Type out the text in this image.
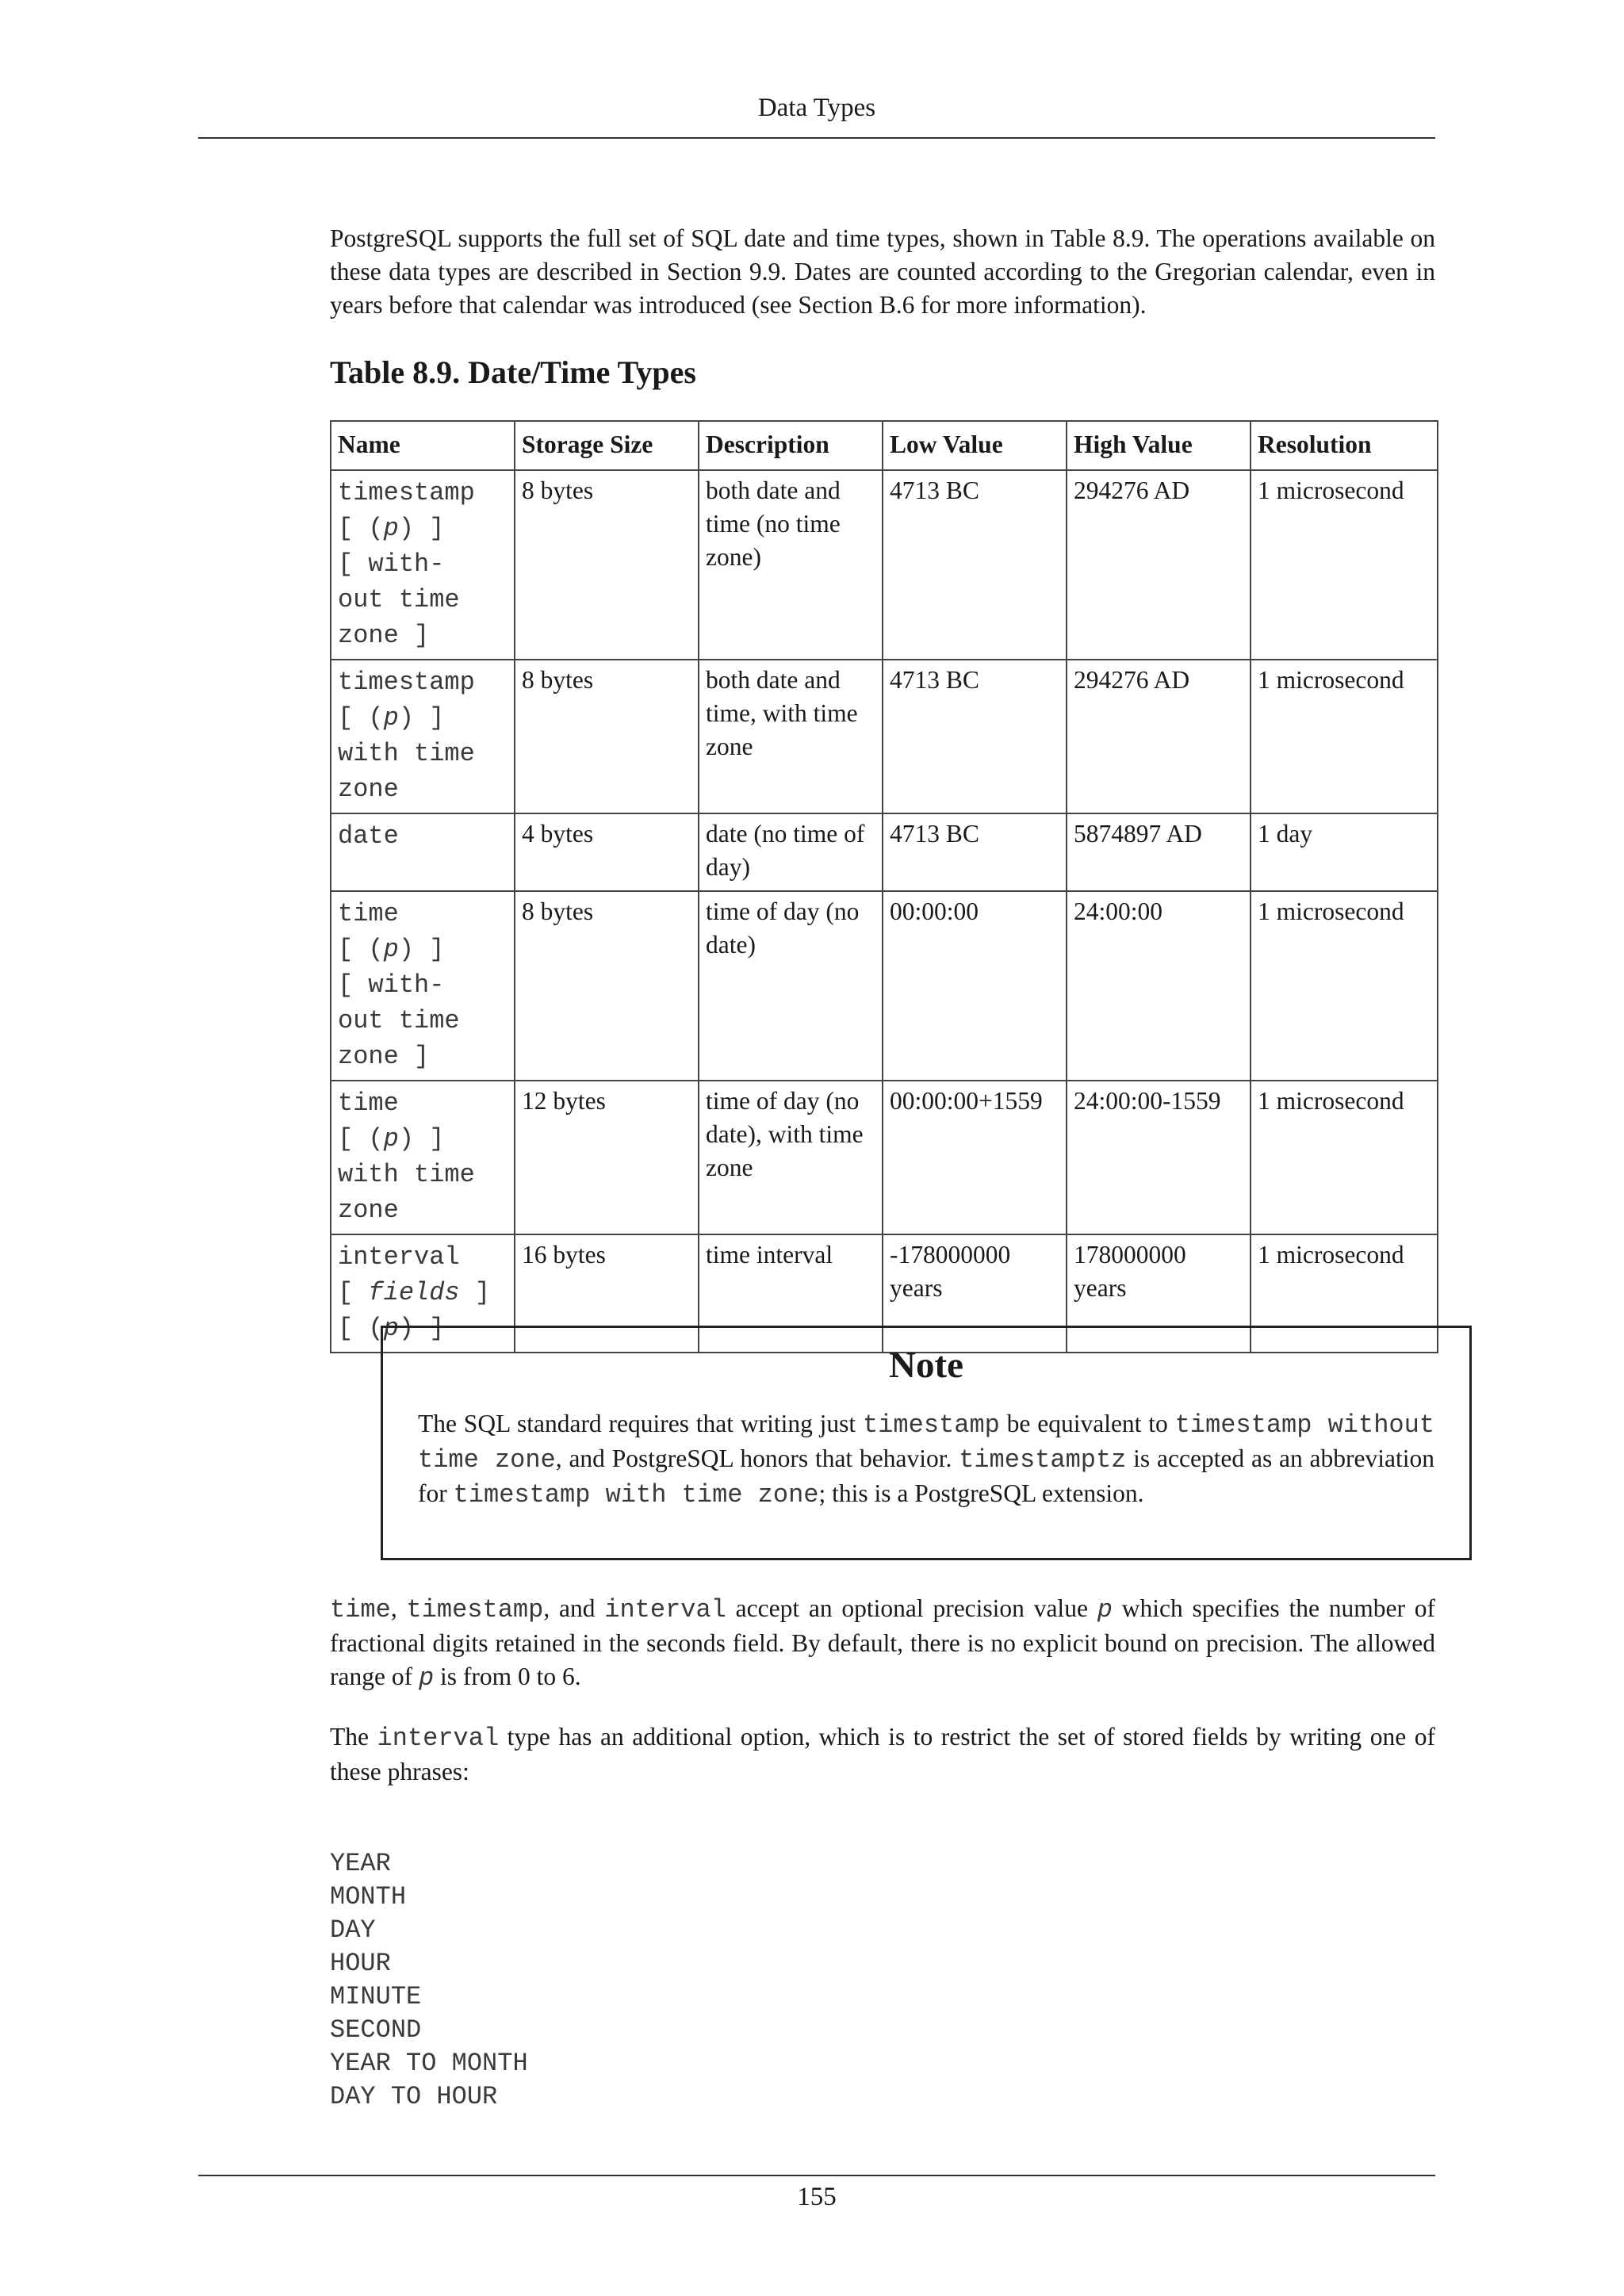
Data Types
PostgreSQL supports the full set of SQL date and time types, shown in Table 8.9. The operations available on these data types are described in Section 9.9. Dates are counted according to the Gregorian calendar, even in years before that calendar was introduced (see Section B.6 for more information).
Table 8.9. Date/Time Types
Name	Storage Size	Description	Low Value	High Value	Resolution
timestamp
[ (p) ]
[ with-
out time
zone ]	8 bytes	both date and time (no time zone)	4713 BC	294276 AD	1 microsecond
timestamp
[ (p) ]
with time
zone	8 bytes	both date and time, with time zone	4713 BC	294276 AD	1 microsecond
date	4 bytes	date (no time of day)	4713 BC	5874897 AD	1 day
time
[ (p) ]
[ with-
out time
zone ]	8 bytes	time of day (no date)	00:00:00	24:00:00	1 microsecond
time
[ (p) ]
with time
zone	12 bytes	time of day (no date), with time zone	00:00:00+1559	24:00:00-1559	1 microsecond
interval
[ fields ]
[ (p) ]	16 bytes	time interval	-178000000 years	178000000 years	1 microsecond
Note
The SQL standard requires that writing just timestamp be equivalent to timestamp without time zone, and PostgreSQL honors that behavior. timestamptz is accepted as an abbreviation for timestamp with time zone; this is a PostgreSQL extension.
time, timestamp, and interval accept an optional precision value p which specifies the number of fractional digits retained in the seconds field. By default, there is no explicit bound on precision. The allowed range of p is from 0 to 6.
The interval type has an additional option, which is to restrict the set of stored fields by writing one of these phrases:
YEAR
MONTH
DAY
HOUR
MINUTE
SECOND
YEAR TO MONTH
DAY TO HOUR
155
